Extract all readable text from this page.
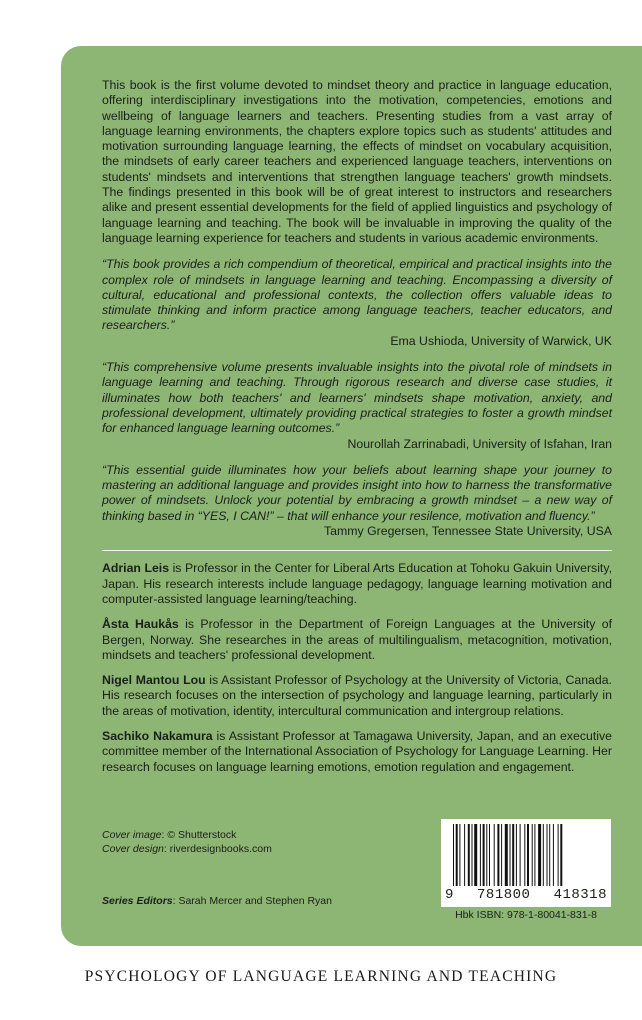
This book is the first volume devoted to mindset theory and practice in language education, offering interdisciplinary investigations into the motivation, competencies, emotions and wellbeing of language learners and teachers. Presenting studies from a vast array of language learning environments, the chapters explore topics such as students' attitudes and motivation surrounding language learning, the effects of mindset on vocabulary acquisition, the mindsets of early career teachers and experienced language teachers, interventions on students' mindsets and interventions that strengthen language teachers' growth mindsets. The findings presented in this book will be of great interest to instructors and researchers alike and present essential developments for the field of applied linguistics and psychology of language learning and teaching. The book will be invaluable in improving the quality of the language learning experience for teachers and students in various academic environments.

“This book provides a rich compendium of theoretical, empirical and practical insights into the complex role of mindsets in language learning and teaching. Encompassing a diversity of cultural, educational and professional contexts, the collection offers valuable ideas to stimulate thinking and inform practice among language teachers, teacher educators, and researchers.”
Ema Ushioda, University of Warwick, UK
“This comprehensive volume presents invaluable insights into the pivotal role of mindsets in language learning and teaching. Through rigorous research and diverse case studies, it illuminates how both teachers' and learners' mindsets shape motivation, anxiety, and professional development, ultimately providing practical strategies to foster a growth mindset for enhanced language learning outcomes.”
Nourollah Zarrinabadi, University of Isfahan, Iran
“This essential guide illuminates how your beliefs about learning shape your journey to mastering an additional language and provides insight into how to harness the transformative power of mindsets. Unlock your potential by embracing a growth mindset – a new way of thinking based in “YES, I CAN!” – that will enhance your resilence, motivation and fluency.”
Tammy Gregersen, Tennessee State University, USA

Adrian Leis is Professor in the Center for Liberal Arts Education at Tohoku Gakuin University, Japan. His research interests include language pedagogy, language learning motivation and computer-assisted language learning/teaching.

Åsta Haukås is Professor in the Department of Foreign Languages at the University of Bergen, Norway. She researches in the areas of multilingualism, metacognition, motivation, mindsets and teachers' professional development.

Nigel Mantou Lou is Assistant Professor of Psychology at the University of Victoria, Canada. His research focuses on the intersection of psychology and language learning, particularly in the areas of motivation, identity, intercultural communication and intergroup relations.

Sachiko Nakamura is Assistant Professor at Tamagawa University, Japan, and an executive committee member of the International Association of Psychology for Language Learning. Her research focuses on language learning emotions, emotion regulation and engagement.

Cover image: © Shutterstock
Cover design: riverdesignbooks.com
Series Editors: Sarah Mercer and Stephen Ryan	9 781800 418318
Hbk ISBN: 978-1-80041-831-8
PSYCHOLOGY OF LANGUAGE LEARNING AND TEACHING
